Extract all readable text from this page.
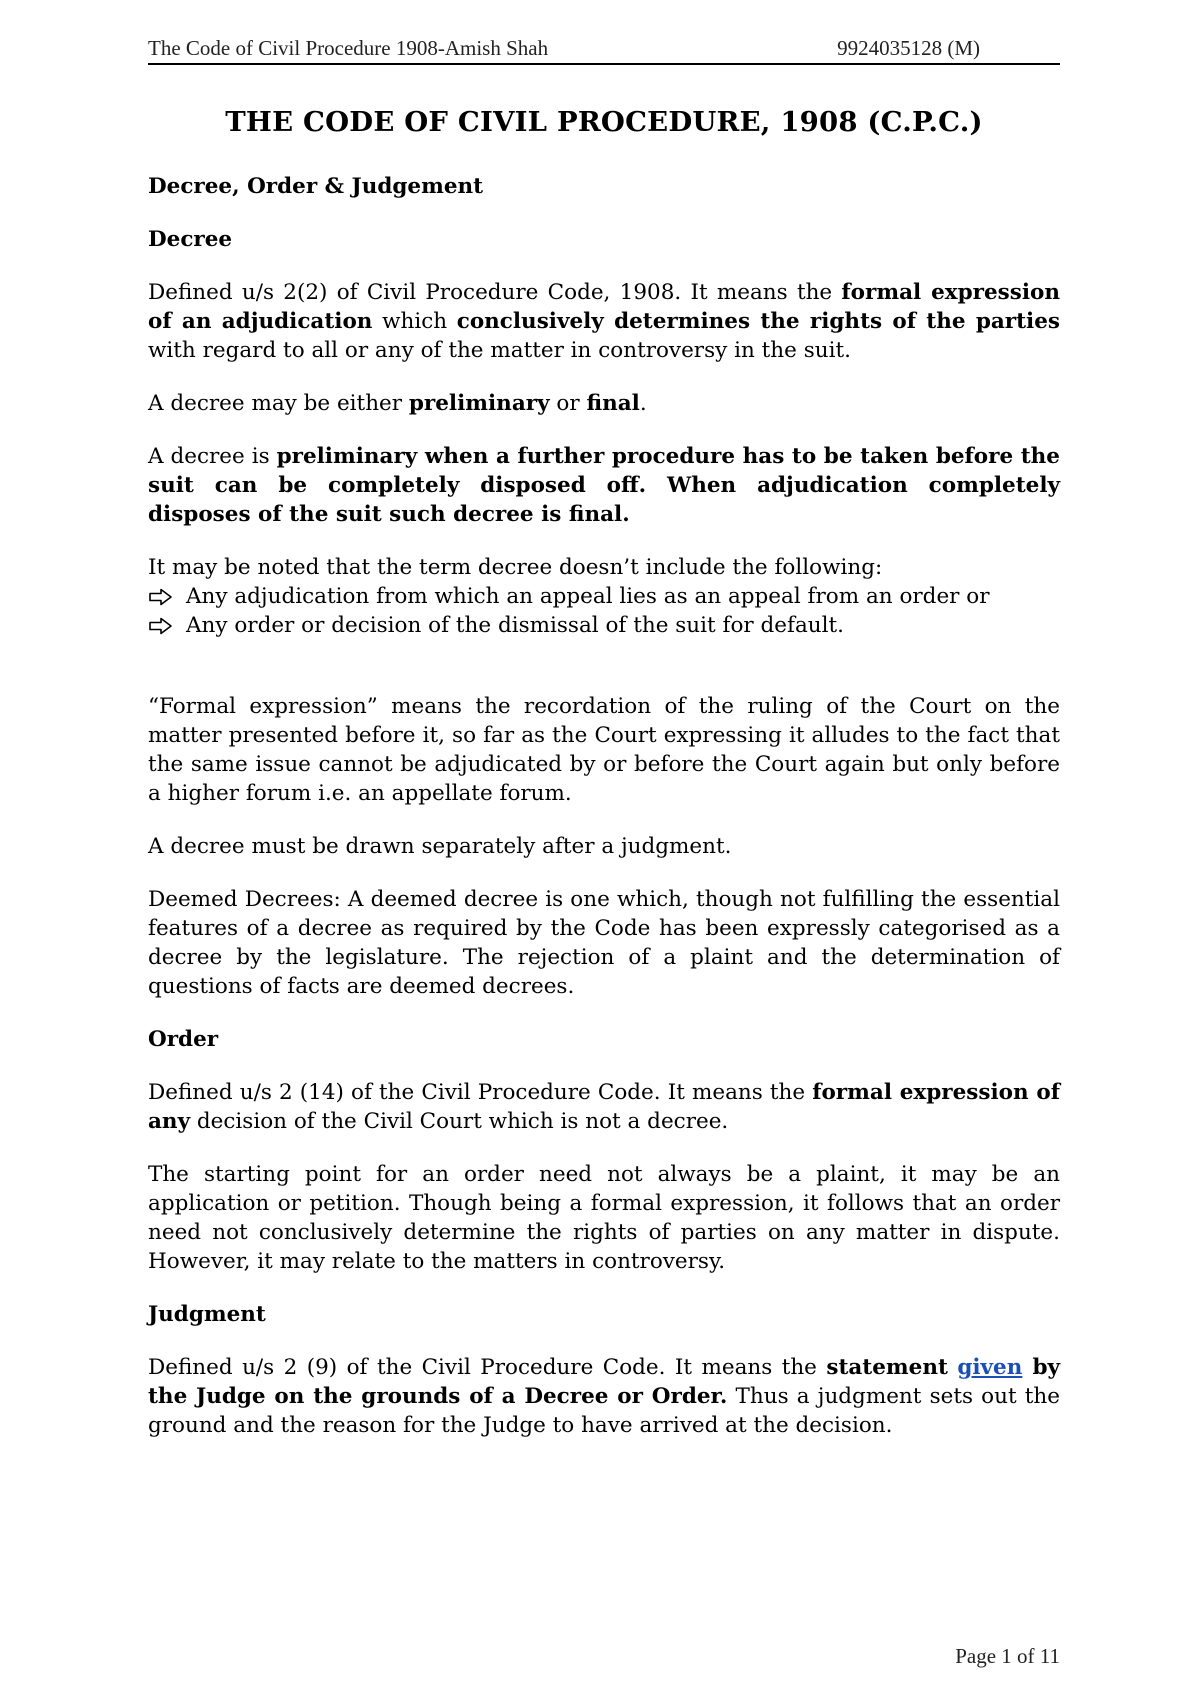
The Code of Civil Procedure 1908-Amish Shah	9924035128 (M)
THE CODE OF CIVIL PROCEDURE, 1908 (C.P.C.)
Decree, Order & Judgement
Decree

Defined u/s 2(2) of Civil Procedure Code, 1908. It means the formal expression of an adjudication which conclusively determines the rights of the parties with regard to all or any of the matter in controversy in the suit.

A decree may be either preliminary or final.

A decree is preliminary when a further procedure has to be taken before the suit can be completely disposed off. When adjudication completely disposes of the suit such decree is final.

It may be noted that the term decree doesn’t include the following:

Any adjudication from which an appeal lies as an appeal from an order or
Any order or decision of the dismissal of the suit for default.

“Formal expression” means the recordation of the ruling of the Court on the matter presented before it, so far as the Court expressing it alludes to the fact that the same issue cannot be adjudicated by or before the Court again but only before a higher forum i.e. an appellate forum.

A decree must be drawn separately after a judgment.

Deemed Decrees: A deemed decree is one which, though not fulfilling the essential features of a decree as required by the Code has been expressly categorised as a decree by the legislature. The rejection of a plaint and the determination of questions of facts are deemed decrees.

Order

Defined u/s 2 (14) of the Civil Procedure Code. It means the formal expression of any decision of the Civil Court which is not a decree.

The starting point for an order need not always be a plaint, it may be an application or petition. Though being a formal expression, it follows that an order need not conclusively determine the rights of parties on any matter in dispute. However, it may relate to the matters in controversy.

Judgment

Defined u/s 2 (9) of the Civil Procedure Code. It means the statement given by the Judge on the grounds of a Decree or Order. Thus a judgment sets out the ground and the reason for the Judge to have arrived at the decision.

Page 1 of 11
